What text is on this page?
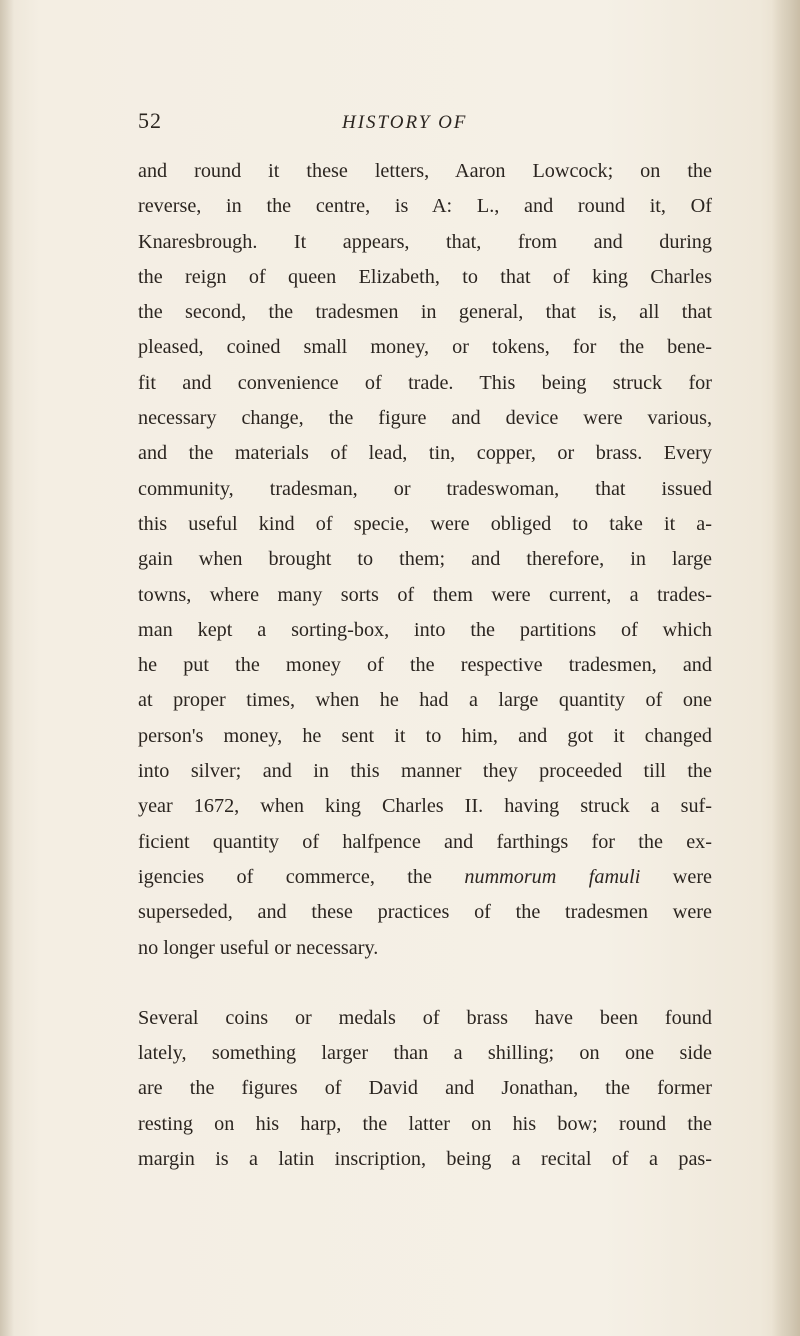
52	HISTORY OF
and round it these letters, Aaron Lowcock; on the
reverse, in the centre, is A: L., and round it, Of
Knaresbrough. It appears, that, from and during
the reign of queen Elizabeth, to that of king Charles
the second, the tradesmen in general, that is, all that
pleased, coined small money, or tokens, for the bene-
fit and convenience of trade. This being struck for
necessary change, the figure and device were various,
and the materials of lead, tin, copper, or brass. Every
community, tradesman, or tradeswoman, that issued
this useful kind of specie, were obliged to take it a-
gain when brought to them; and therefore, in large
towns, where many sorts of them were current, a trades-
man kept a sorting-box, into the partitions of which
he put the money of the respective tradesmen, and
at proper times, when he had a large quantity of one
person's money, he sent it to him, and got it changed
into silver; and in this manner they proceeded till the
year 1672, when king Charles II. having struck a suf-
ficient quantity of halfpence and farthings for the ex-
igencies of commerce, the nummorum famuli were
superseded, and these practices of the tradesmen were
no longer useful or necessary.
Several coins or medals of brass have been found
lately, something larger than a shilling; on one side
are the figures of David and Jonathan, the former
resting on his harp, the latter on his bow; round the
margin is a latin inscription, being a recital of a pas-
